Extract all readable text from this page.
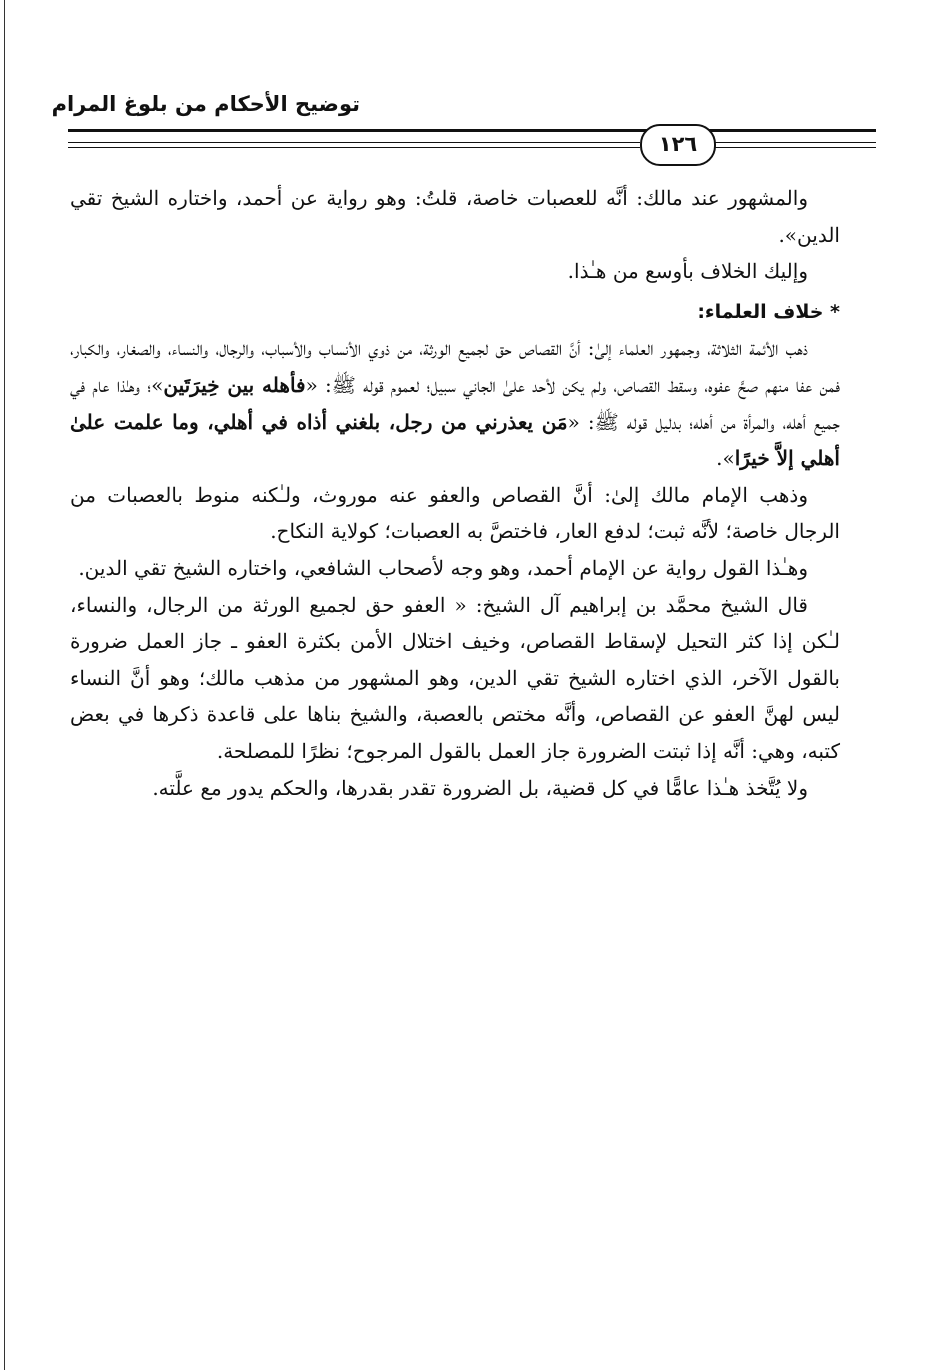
توضيح الأحكام من بلوغ المرام
١٢٦

والمشهور عند مالك: أنَّه للعصبات خاصة، قلتُ: وهو رواية عن أحمد، واختاره الشيخ تقي الدين».

وإليك الخلاف بأوسع من هـٰذا.

* خلاف العلماء:

ذهب الأئمة الثلاثة، وجمهور العلماء إلىٰ: أنَّ القصاص حق لجميع الورثة، من ذوي الأنساب والأسباب، والرجال، والنساء، والصغار، والكبار، فمن عفا منهم صحَّ عفوه، وسقط القصاص، ولم يكن لأحد علىٰ الجاني سبيل؛ لعموم قوله ﷺ: «فأهله بين خِيرَتَين»؛ وهـٰذا عام في جميع أهله، والمرأة من أهله؛ بدليل قوله ﷺ: «مَن يعذرني من رجل، بلغني أذاه في أهلي، وما علمت علىٰ أهلي إلاَّ خيرًا».

وذهب الإمام مالك إلىٰ: أنَّ القصاص والعفو عنه موروث، ولـٰكنه منوط بالعصبات من الرجال خاصة؛ لأنَّه ثبت؛ لدفع العار، فاختصَّ به العصبات؛ كولاية النكاح.

وهـٰذا القول رواية عن الإمام أحمد، وهو وجه لأصحاب الشافعي، واختاره الشيخ تقي الدين.

قال الشيخ محمَّد بن إبراهيم آل الشيخ: « العفو حق لجميع الورثة من الرجال، والنساء، لـٰكن إذا كثر التحيل لإسقاط القصاص، وخيف اختلال الأمن بكثرة العفو ـ جاز العمل ضرورة بالقول الآخر، الذي اختاره الشيخ تقي الدين، وهو المشهور من مذهب مالك؛ وهو أنَّ النساء ليس لهنَّ العفو عن القصاص، وأنَّه مختص بالعصبة، والشيخ بناها على قاعدة ذكرها في بعض كتبه، وهي: أنَّه إذا ثبتت الضرورة جاز العمل بالقول المرجوح؛ نظرًا للمصلحة.

ولا يُتَّخذ هـٰذا عامًّا في كل قضية، بل الضرورة تقدر بقدرها، والحكم يدور مع علَّته.
